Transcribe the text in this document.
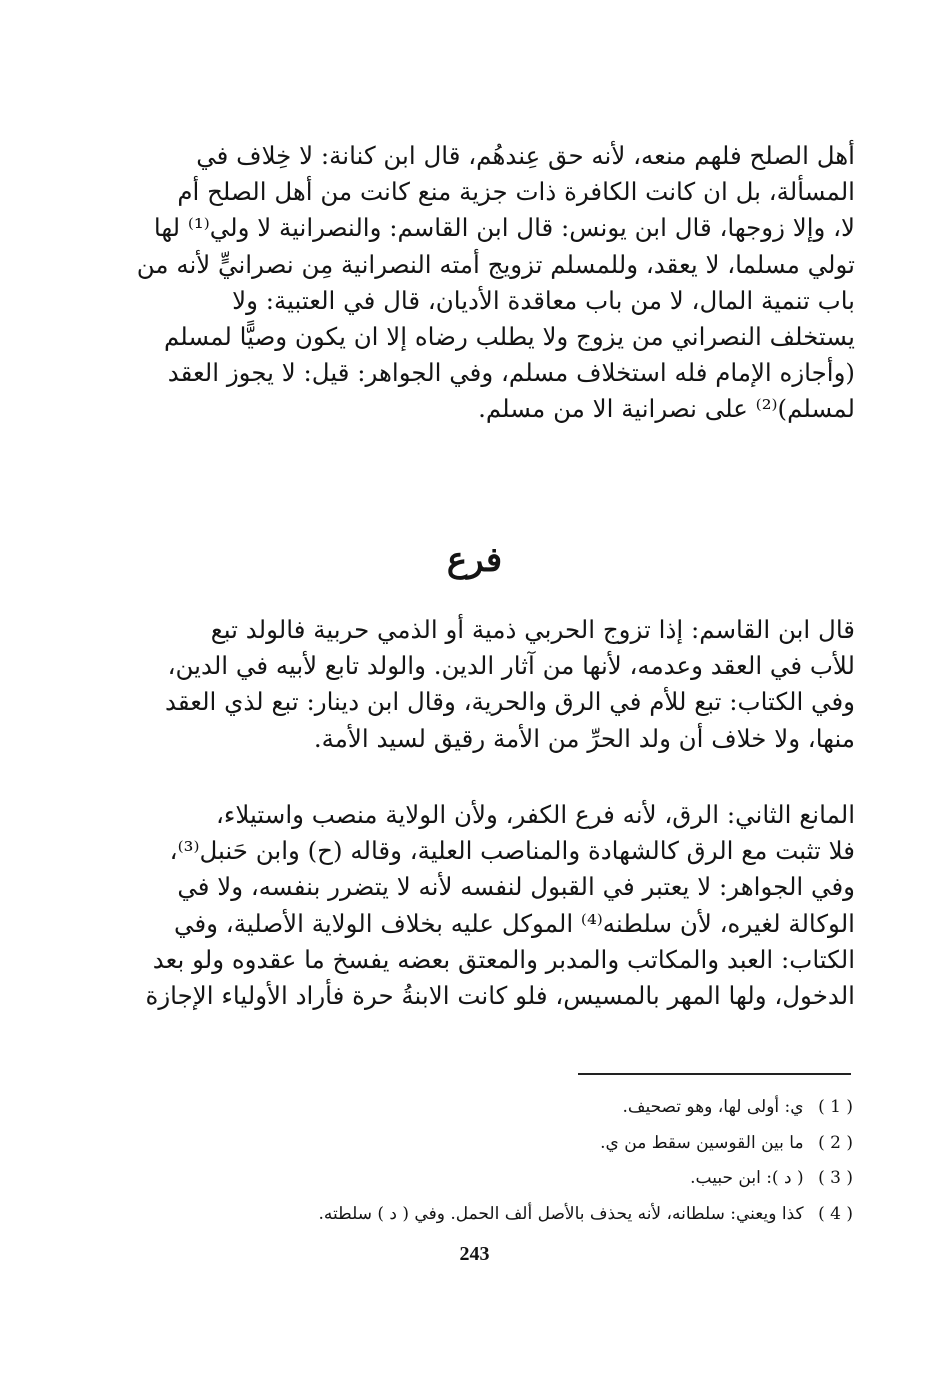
أهل الصلح فلهم منعه، لأنه حق عِندهُم، قال ابن كنانة: لا خِلاف في
المسألة، بل ان كانت الكافرة ذات جزية منع كانت من أهل الصلح أم
لا، وإلا زوجها، قال ابن يونس: قال ابن القاسم: والنصرانية لا ولي⁽¹⁾ لها
تولي مسلما، لا يعقد، وللمسلم تزويج أمته النصرانية مِن نصرانيٍّ لأنه من
باب تنمية المال، لا من باب معاقدة الأديان، قال في العتبية: ولا
يستخلف النصراني من يزوج ولا يطلب رضاه إلا ان يكون وصيًّا لمسلم
(وأجازه الإمام فله استخلاف مسلم، وفي الجواهر: قيل: لا يجوز العقد
لمسلم)⁽²⁾ على نصرانية الا من مسلم.
فرع
قال ابن القاسم: إذا تزوج الحربي ذمية أو الذمي حربية فالولد تبع
للأب في العقد وعدمه، لأنها من آثار الدين. والولد تابع لأبيه في الدين،
وفي الكتاب: تبع للأم في الرق والحرية، وقال ابن دينار: تبع لذي العقد
منها، ولا خلاف أن ولد الحرِّ من الأمة رقيق لسيد الأمة.
المانع الثاني: الرق، لأنه فرع الكفر، ولأن الولاية منصب واستيلاء،
فلا تثبت مع الرق كالشهادة والمناصب العلية، وقاله (ح) وابن حَنبل⁽³⁾،
وفي الجواهر: لا يعتبر في القبول لنفسه لأنه لا يتضرر بنفسه، ولا في
الوكالة لغيره، لأن سلطنه⁽⁴⁾ الموكل عليه بخلاف الولاية الأصلية، وفي
الكتاب: العبد والمكاتب والمدبر والمعتق بعضه يفسخ ما عقدوه ولو بعد
الدخول، ولها المهر بالمسيس، فلو كانت الابنةُ حرة فأراد الأولياء الإجازة
( 1 ) ي: أولى لها، وهو تصحيف.
( 2 ) ما بين القوسين سقط من ي.
( 3 ) ( د ): ابن حبيب.
( 4 ) كذا ويعني: سلطانه، لأنه يحذف بالأصل ألف الحمل. وفي ( د ) سلطته.
243
